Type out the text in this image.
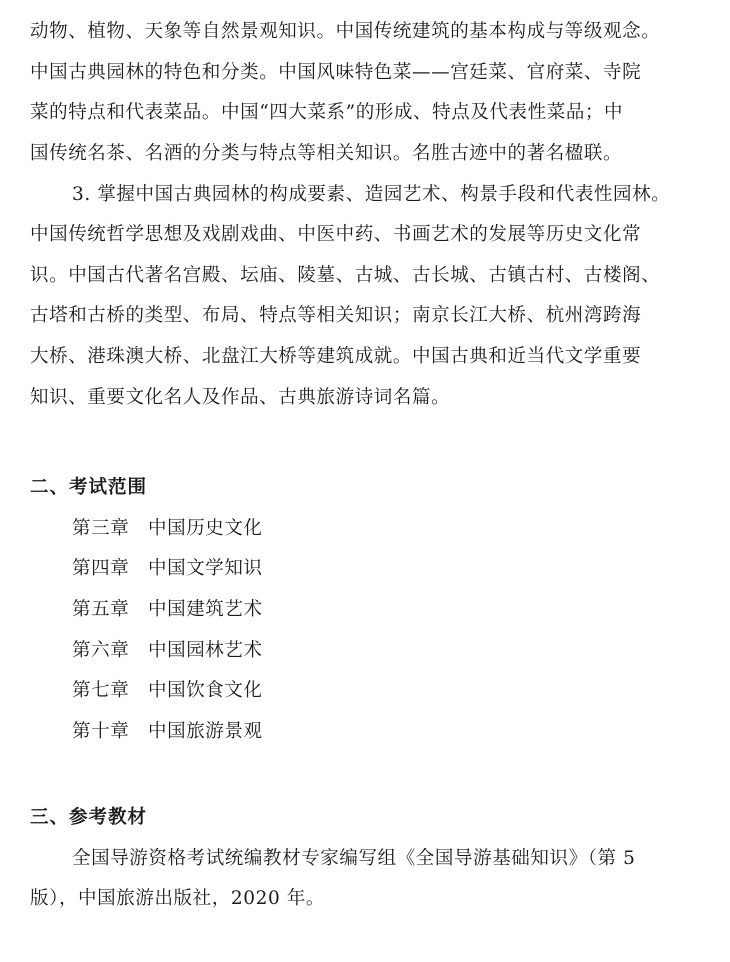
动物、植物、天象等自然景观知识。中国传统建筑的基本构成与等级观念。
中国古典园林的特色和分类。中国风味特色菜——宫廷菜、官府菜、寺院
菜的特点和代表菜品。中国“四大菜系”的形成、特点及代表性菜品；中
国传统名茶、名酒的分类与特点等相关知识。名胜古迹中的著名楹联。
3. 掌握中国古典园林的构成要素、造园艺术、构景手段和代表性园林。
中国传统哲学思想及戏剧戏曲、中医中药、书画艺术的发展等历史文化常
识。中国古代著名宫殿、坛庙、陵墓、古城、古长城、古镇古村、古楼阁、
古塔和古桥的类型、布局、特点等相关知识；南京长江大桥、杭州湾跨海
大桥、港珠澳大桥、北盘江大桥等建筑成就。中国古典和近当代文学重要
知识、重要文化名人及作品、古典旅游诗词名篇。
二、考试范围
第三章 中国历史文化
第四章 中国文学知识
第五章 中国建筑艺术
第六章 中国园林艺术
第七章 中国饮食文化
第十章 中国旅游景观
三、参考教材
全国导游资格考试统编教材专家编写组《全国导游基础知识》（第 5
版），中国旅游出版社，2020 年。
